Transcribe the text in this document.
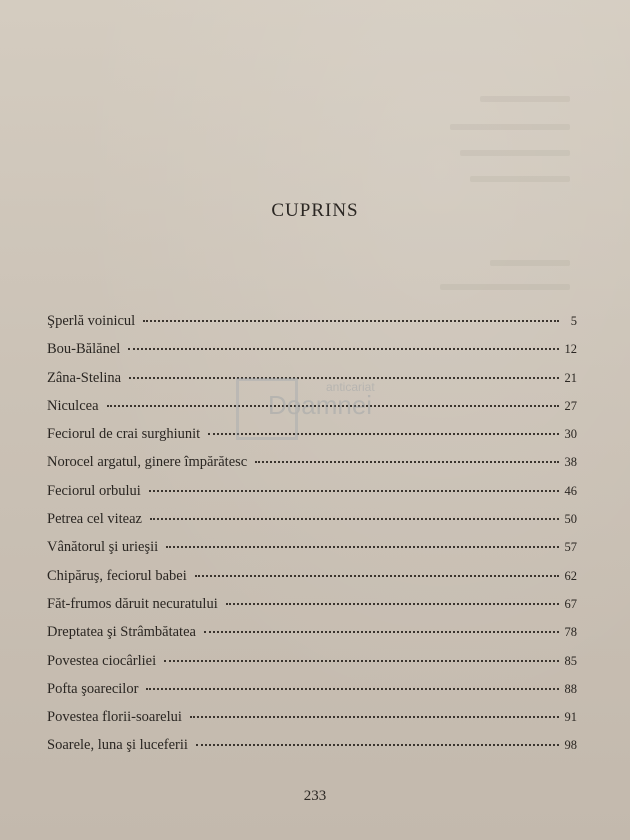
CUPRINS
Şperlă voinicul	5
Bou-Bălănel	12
Zâna-Stelina	21
Niculcea	27
Feciorul de crai surghiunit	30
Norocel argatul, ginere împărătesc	38
Feciorul orbului	46
Petrea cel viteaz	50
Vânătorul şi urieşii	57
Chipăruş, feciorul babei	62
Făt-frumos dăruit necuratului	67
Dreptatea şi Strâmbătatea	78
Povestea ciocârliei	85
Pofta şoarecilor	88
Povestea florii-soarelui	91
Soarele, luna şi luceferii	98
anticariat
Doamnei
233
